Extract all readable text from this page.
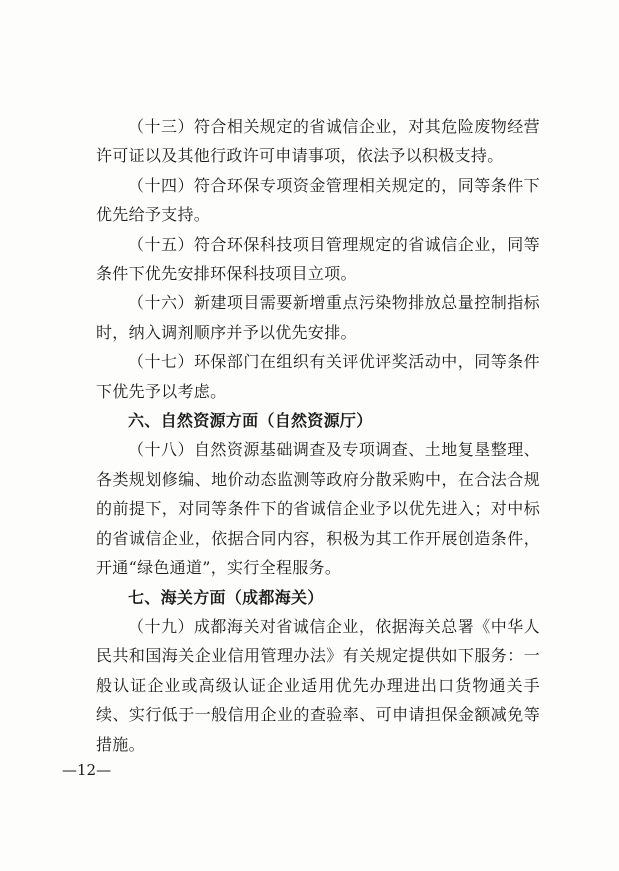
（十三）符合相关规定的省诚信企业，对其危险废物经营许可证以及其他行政许可申请事项，依法予以积极支持。

（十四）符合环保专项资金管理相关规定的，同等条件下优先给予支持。

（十五）符合环保科技项目管理规定的省诚信企业，同等条件下优先安排环保科技项目立项。

（十六）新建项目需要新增重点污染物排放总量控制指标时，纳入调剂顺序并予以优先安排。

（十七）环保部门在组织有关评优评奖活动中，同等条件下优先予以考虑。

六、自然资源方面（自然资源厅）

（十八）自然资源基础调查及专项调查、土地复垦整理、各类规划修编、地价动态监测等政府分散采购中，在合法合规的前提下，对同等条件下的省诚信企业予以优先进入；对中标的省诚信企业，依据合同内容，积极为其工作开展创造条件，开通“绿色通道”，实行全程服务。

七、海关方面（成都海关）

（十九）成都海关对省诚信企业，依据海关总署《中华人民共和国海关企业信用管理办法》有关规定提供如下服务：一般认证企业或高级认证企业适用优先办理进出口货物通关手续、实行低于一般信用企业的查验率、可申请担保金额减免等措施。

—12—
